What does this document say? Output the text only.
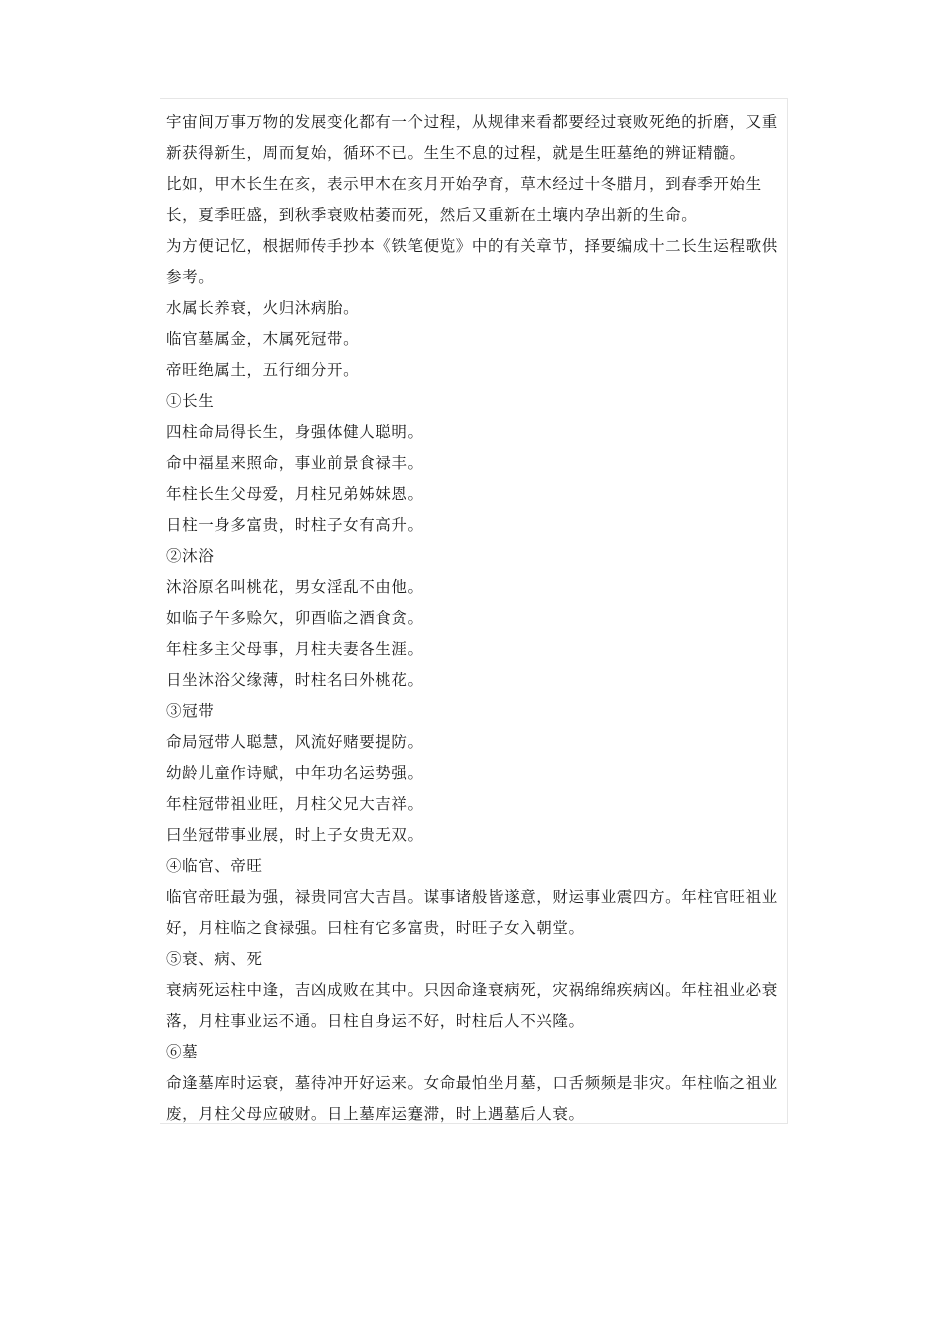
宇宙间万事万物的发展变化都有一个过程，从规律来看都要经过衰败死绝的折磨，又重新获得新生，周而复始，循环不已。生生不息的过程，就是生旺墓绝的辨证精髓。

比如，甲木长生在亥，表示甲木在亥月开始孕育，草木经过十冬腊月，到春季开始生长，夏季旺盛，到秋季衰败枯萎而死，然后又重新在土壤内孕出新的生命。

为方便记忆，根据师传手抄本《铁笔便览》中的有关章节，择要编成十二长生运程歌供参考。

水属长养衰，火归沐病胎。

临官墓属金，木属死冠带。

帝旺绝属土，五行细分开。

①长生

四柱命局得长生，身强体健人聪明。

命中福星来照命，事业前景食禄丰。

年柱长生父母爱，月柱兄弟姊妹恩。

日柱一身多富贵，时柱子女有高升。

②沐浴

沐浴原名叫桃花，男女淫乱不由他。

如临子午多赊欠，卯酉临之酒食贪。

年柱多主父母事，月柱夫妻各生涯。

日坐沐浴父缘薄，时柱名曰外桃花。

③冠带

命局冠带人聪慧，风流好赌要提防。

幼龄儿童作诗赋，中年功名运势强。

年柱冠带祖业旺，月柱父兄大吉祥。

曰坐冠带事业展，时上子女贵无双。

④临官、帝旺

临官帝旺最为强，禄贵同宫大吉昌。谋事诸般皆遂意，财运事业震四方。年柱官旺祖业好，月柱临之食禄强。曰柱有它多富贵，时旺子女入朝堂。

⑤衰、病、死

衰病死运柱中逢，吉凶成败在其中。只因命逢衰病死，灾祸绵绵疾病凶。年柱祖业必衰落，月柱事业运不通。日柱自身运不好，时柱后人不兴隆。

⑥墓

命逢墓库时运衰，墓待冲开好运来。女命最怕坐月墓，口舌频频是非灾。年柱临之祖业废，月柱父母应破财。日上墓库运蹇滞，时上遇墓后人衰。
